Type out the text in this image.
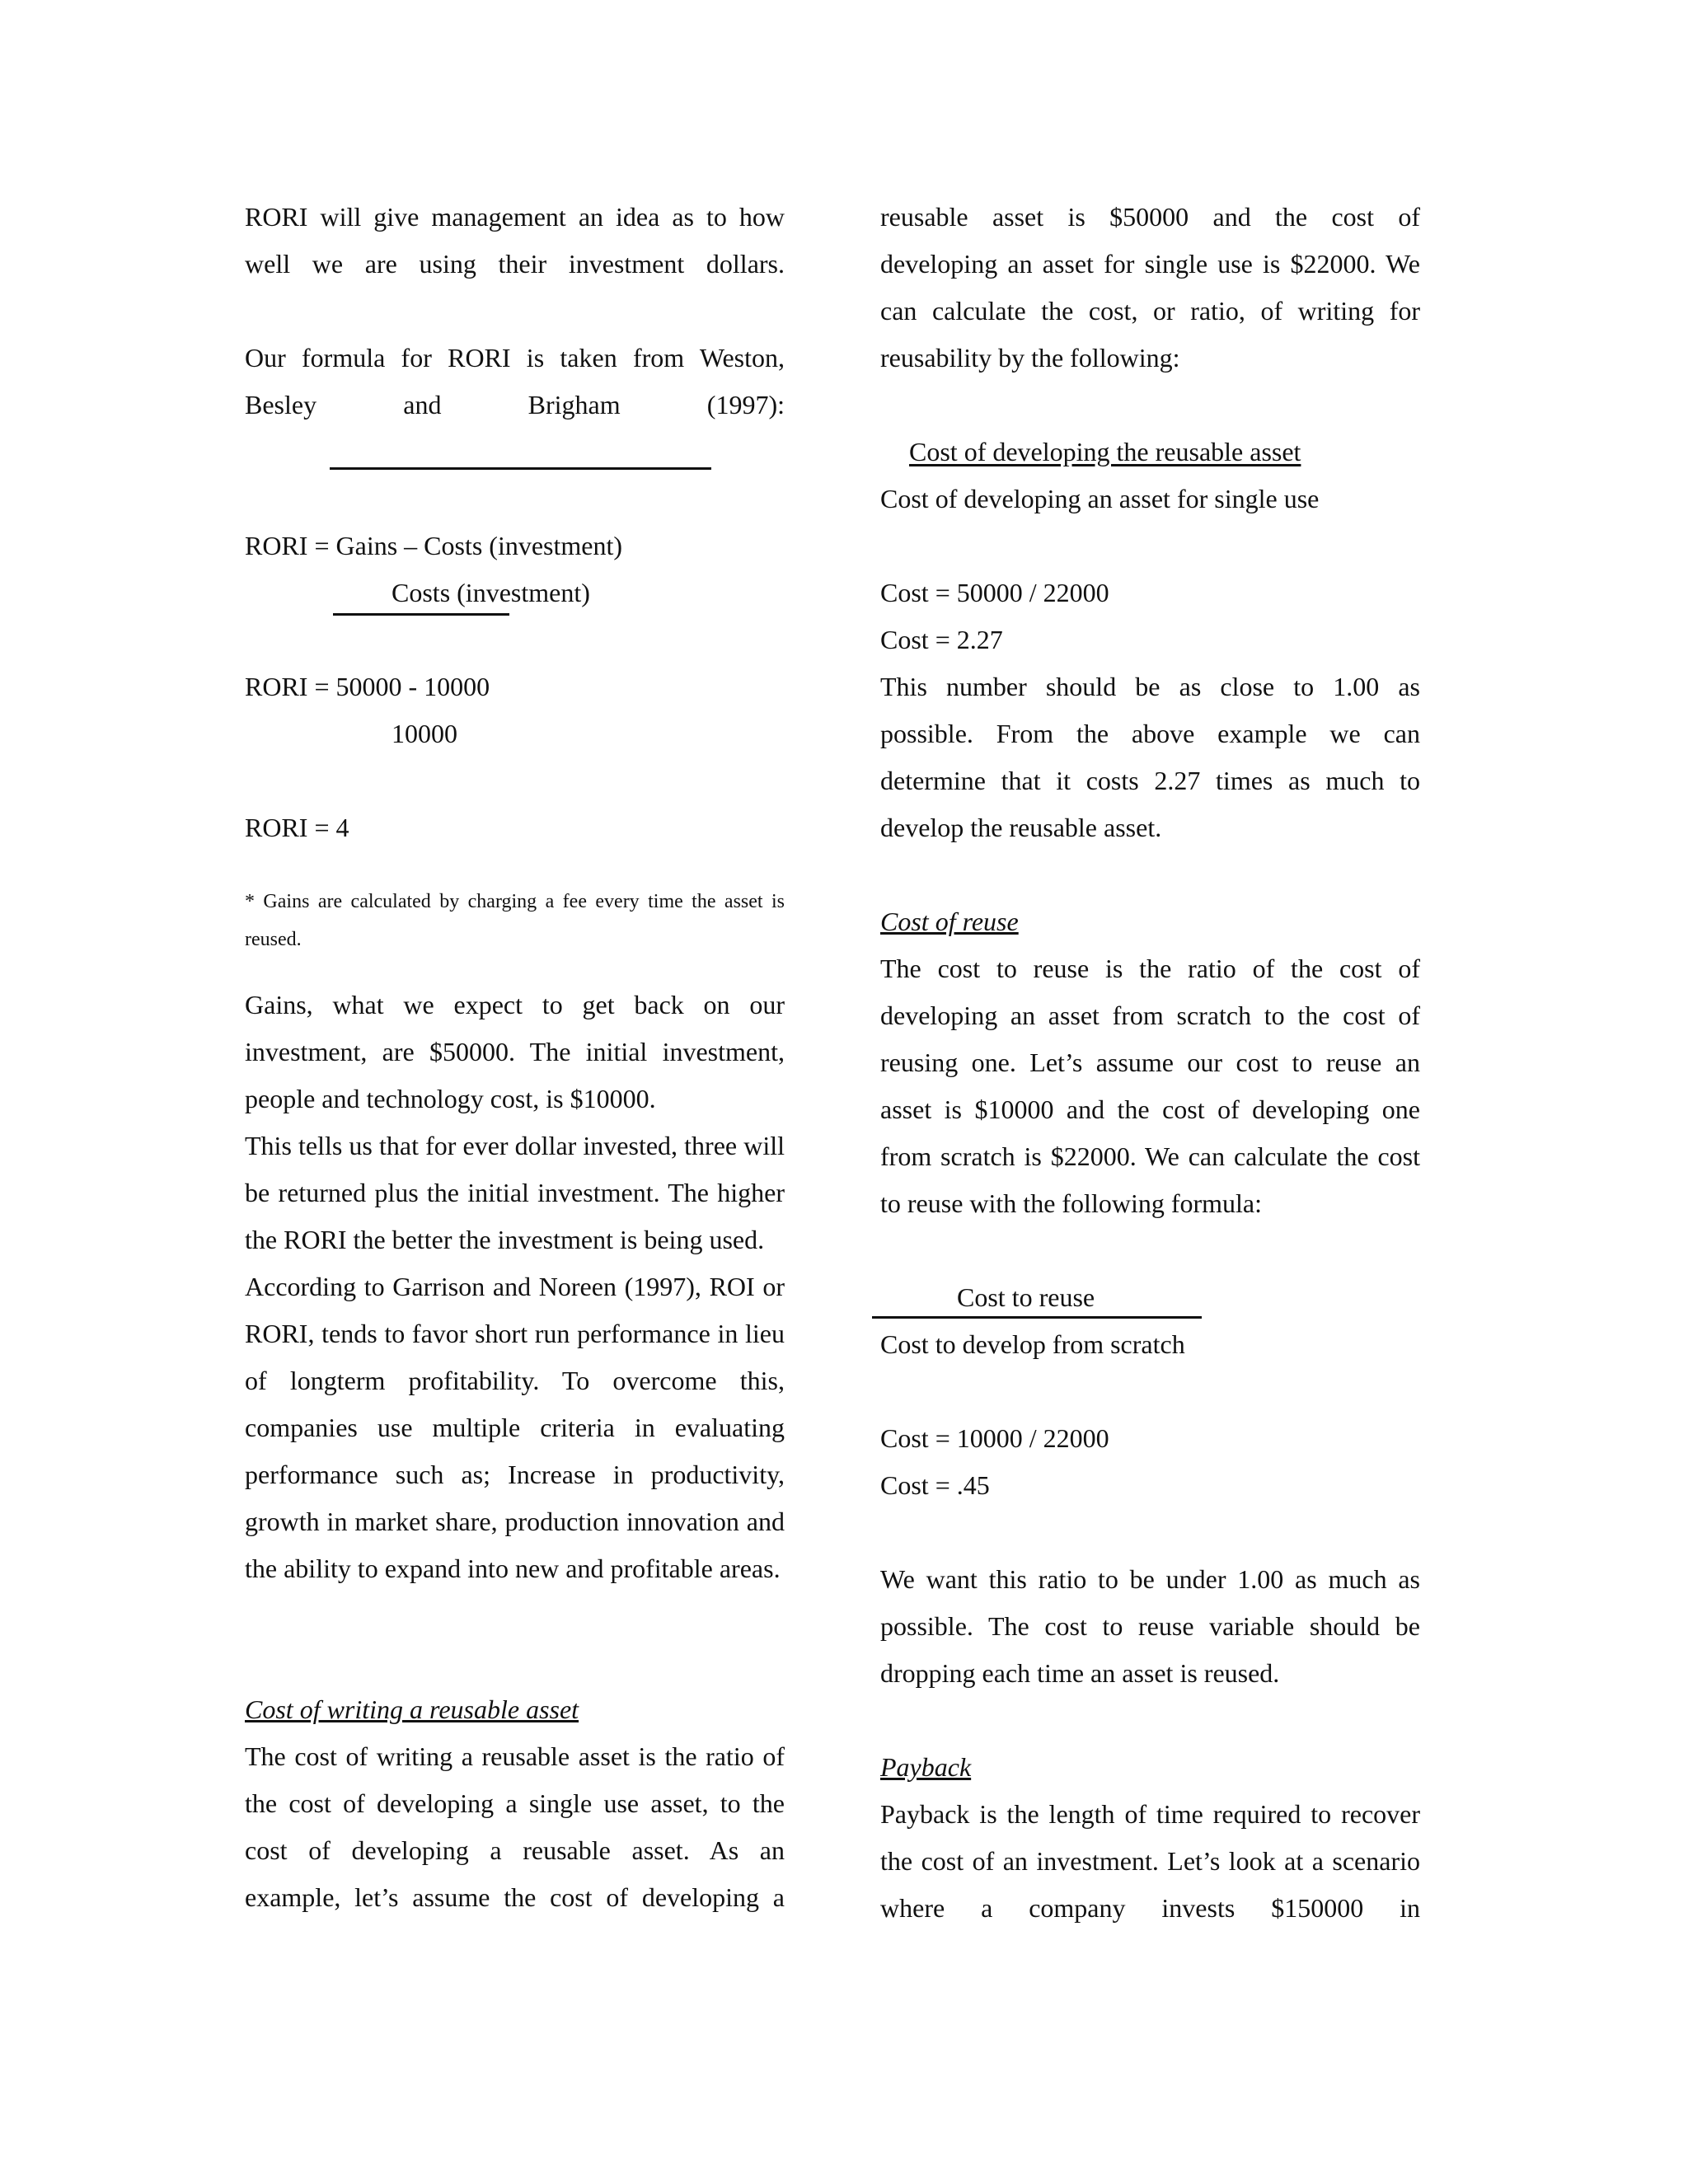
RORI will give management an idea as to how well we are using their investment dollars.

Our formula for RORI is taken from Weston, Besley and Brigham (1997):

RORI = Gains – Costs (investment)

Costs (investment)

RORI = 50000 - 10000

10000

RORI = 4

* Gains are calculated by charging a fee every time the asset is reused.

Gains, what we expect to get back on our investment, are $50000. The initial investment, people and technology cost, is $10000.

This tells us that for ever dollar invested, three will be returned plus the initial investment. The higher the RORI the better the investment is being used.

According to Garrison and Noreen (1997), ROI or RORI, tends to favor short run performance in lieu of longterm profitability. To overcome this, companies use multiple criteria in evaluating performance such as; Increase in productivity, growth in market share, production innovation and the ability to expand into new and profitable areas.

Cost of writing a reusable asset

The cost of writing a reusable asset is the ratio of the cost of developing a single use asset, to the cost of developing a reusable asset. As an example, let’s assume the cost of developing a

reusable asset is $50000 and the cost of developing an asset for single use is $22000. We can calculate the cost, or ratio, of writing for reusability by the following:

Cost of developing the reusable asset

Cost of developing an asset for single use

Cost = 50000 / 22000

Cost = 2.27

This number should be as close to 1.00 as possible. From the above example we can determine that it costs 2.27 times as much to develop the reusable asset.

Cost of reuse

The cost to reuse is the ratio of the cost of developing an asset from scratch to the cost of reusing one. Let’s assume our cost to reuse an asset is $10000 and the cost of developing one from scratch is $22000. We can calculate the cost to reuse with the following formula:

Cost to reuse

Cost to develop from scratch

Cost = 10000 / 22000

Cost = .45

We want this ratio to be under 1.00 as much as possible. The cost to reuse variable should be dropping each time an asset is reused.

Payback

Payback is the length of time required to recover the cost of an investment. Let’s look at a scenario where a company invests $150000 in
